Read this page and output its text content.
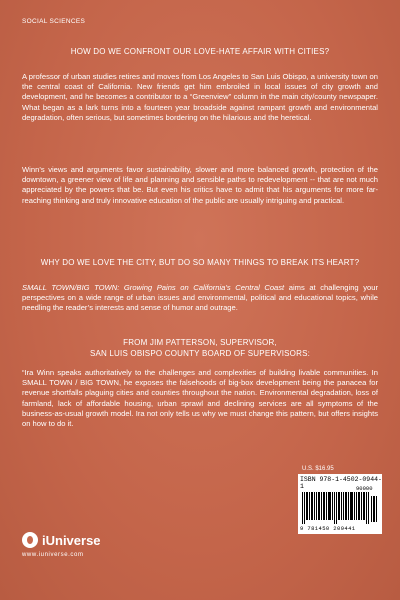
SOCIAL SCIENCES
HOW DO WE CONFRONT OUR LOVE-HATE AFFAIR WITH CITIES?

A professor of urban studies retires and moves from Los Angeles to San Luis Obispo, a university town on the central coast of California. New friends get him embroiled in local issues of city growth and development, and he becomes a contributor to a “Greenview” column in the main city/county newspaper. What began as a lark turns into a fourteen year broadside against rampant growth and environmental degradation, often serious, but sometimes bordering on the hilarious and the heretical.

Winn’s views and arguments favor sustainability, slower and more balanced growth, protection of the downtown, a greener view of life and planning and sensible paths to redevelopment -- that are not much appreciated by the powers that be. But even his critics have to admit that his arguments for more far-reaching thinking and truly innovative education of the public are usually intriguing and practical.

WHY DO WE LOVE THE CITY, BUT DO SO MANY THINGS TO BREAK ITS HEART?

SMALL TOWN/BIG TOWN: Growing Pains on California’s Central Coast aims at challenging your perspectives on a wide range of urban issues and environmental, political and educational topics, while needling the reader’s interests and sense of humor and outrage.

FROM JIM PATTERSON, SUPERVISOR,
SAN LUIS OBISPO COUNTY BOARD OF SUPERVISORS:

“Ira Winn speaks authoritatively to the challenges and complexities of building livable communities. In SMALL TOWN / BIG TOWN, he exposes the falsehoods of big-box development being the panacea for revenue shortfalls plaguing cities and counties throughout the nation. Environmental degradation, loss of farmland, lack of affordable housing, urban sprawl and declining services are all symptoms of the business-as-usual growth model. Ira not only tells us why we must change this pattern, but offers insights on how to do it.

U.S. $16.95
ISBN 978-1-4502-0944-1	90000
9 781450 209441
iUniverse
www.iuniverse.com
